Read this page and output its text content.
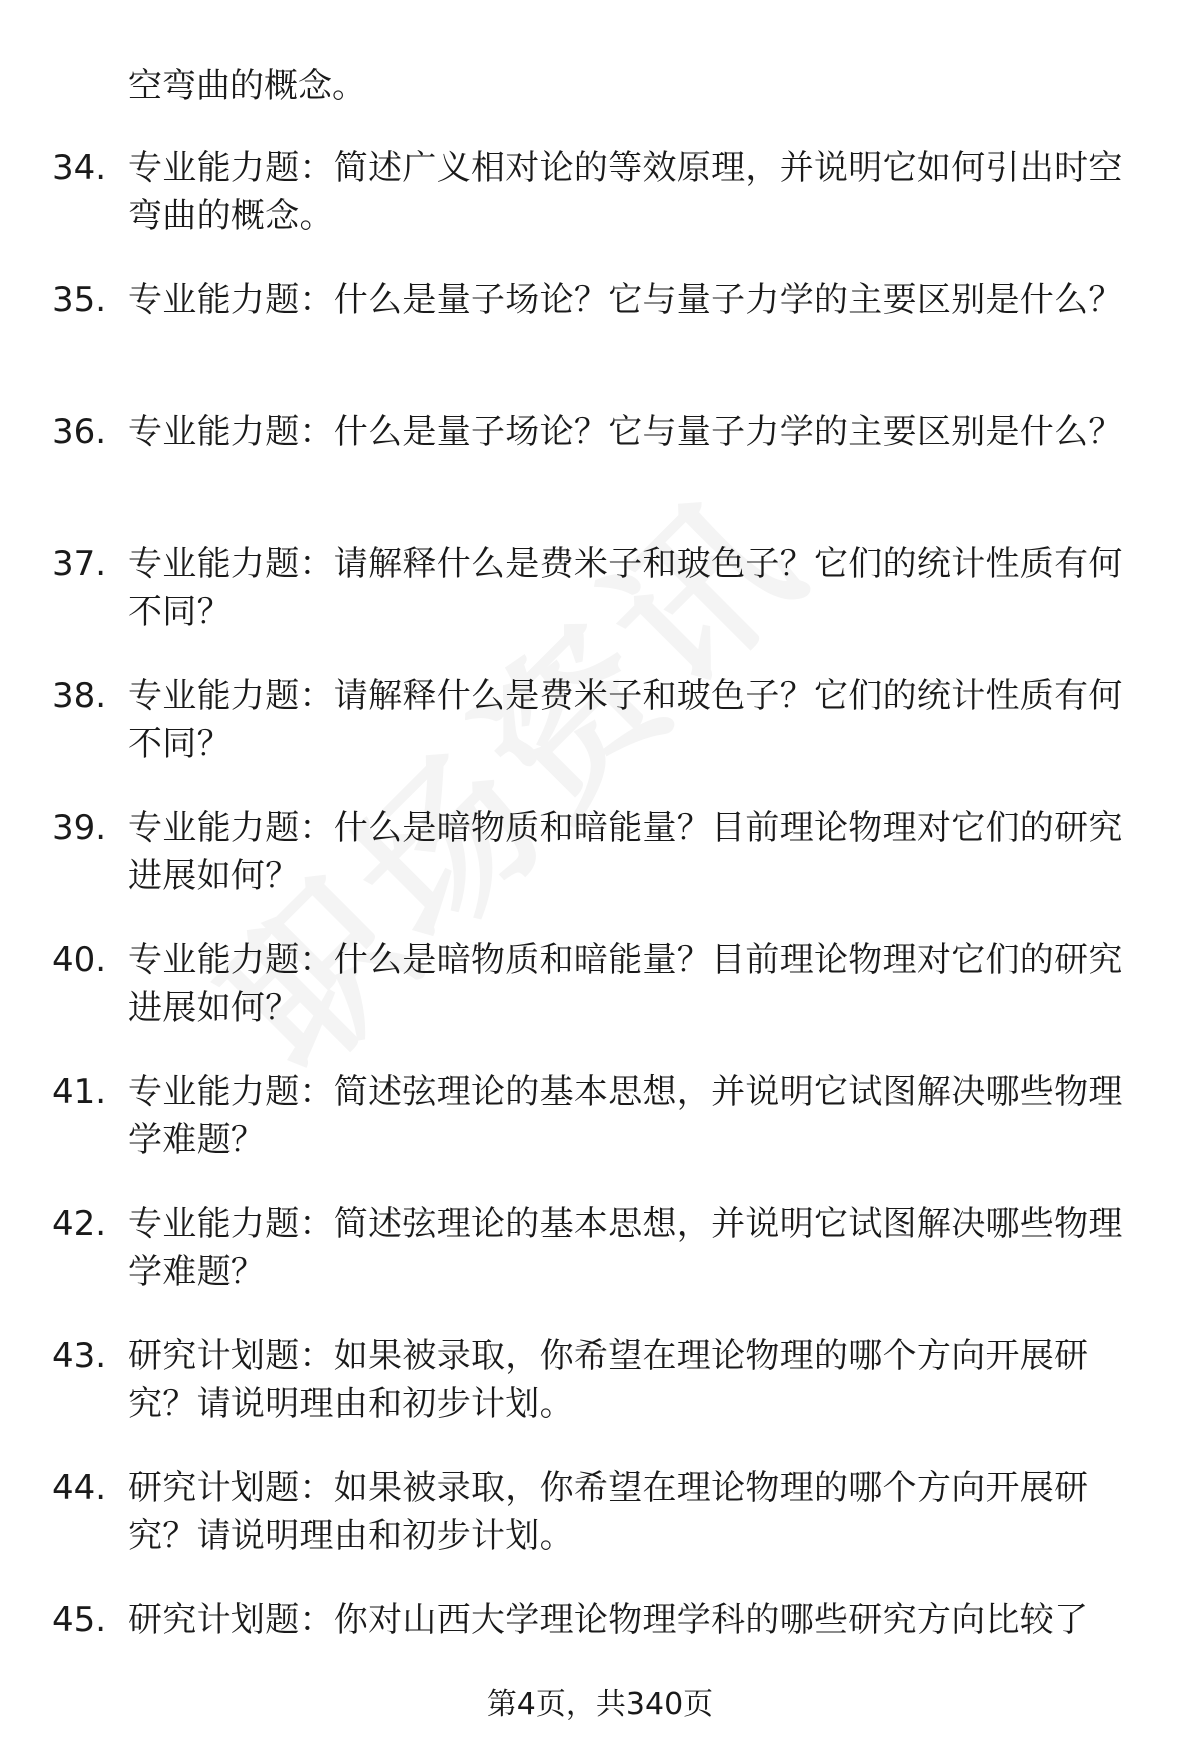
空弯曲的概念。
34. 专业能力题：简述广义相对论的等效原理，并说明它如何引出时空弯曲的概念。
35. 专业能力题：什么是量子场论？它与量子力学的主要区别是什么？
36. 专业能力题：什么是量子场论？它与量子力学的主要区别是什么？
37. 专业能力题：请解释什么是费米子和玻色子？它们的统计性质有何不同？
38. 专业能力题：请解释什么是费米子和玻色子？它们的统计性质有何不同？
39. 专业能力题：什么是暗物质和暗能量？目前理论物理对它们的研究进展如何？
40. 专业能力题：什么是暗物质和暗能量？目前理论物理对它们的研究进展如何？
41. 专业能力题：简述弦理论的基本思想，并说明它试图解决哪些物理学难题？
42. 专业能力题：简述弦理论的基本思想，并说明它试图解决哪些物理学难题？
43. 研究计划题：如果被录取，你希望在理论物理的哪个方向开展研究？请说明理由和初步计划。
44. 研究计划题：如果被录取，你希望在理论物理的哪个方向开展研究？请说明理由和初步计划。
45. 研究计划题：你对山西大学理论物理学科的哪些研究方向比较了
第4页，共340页
